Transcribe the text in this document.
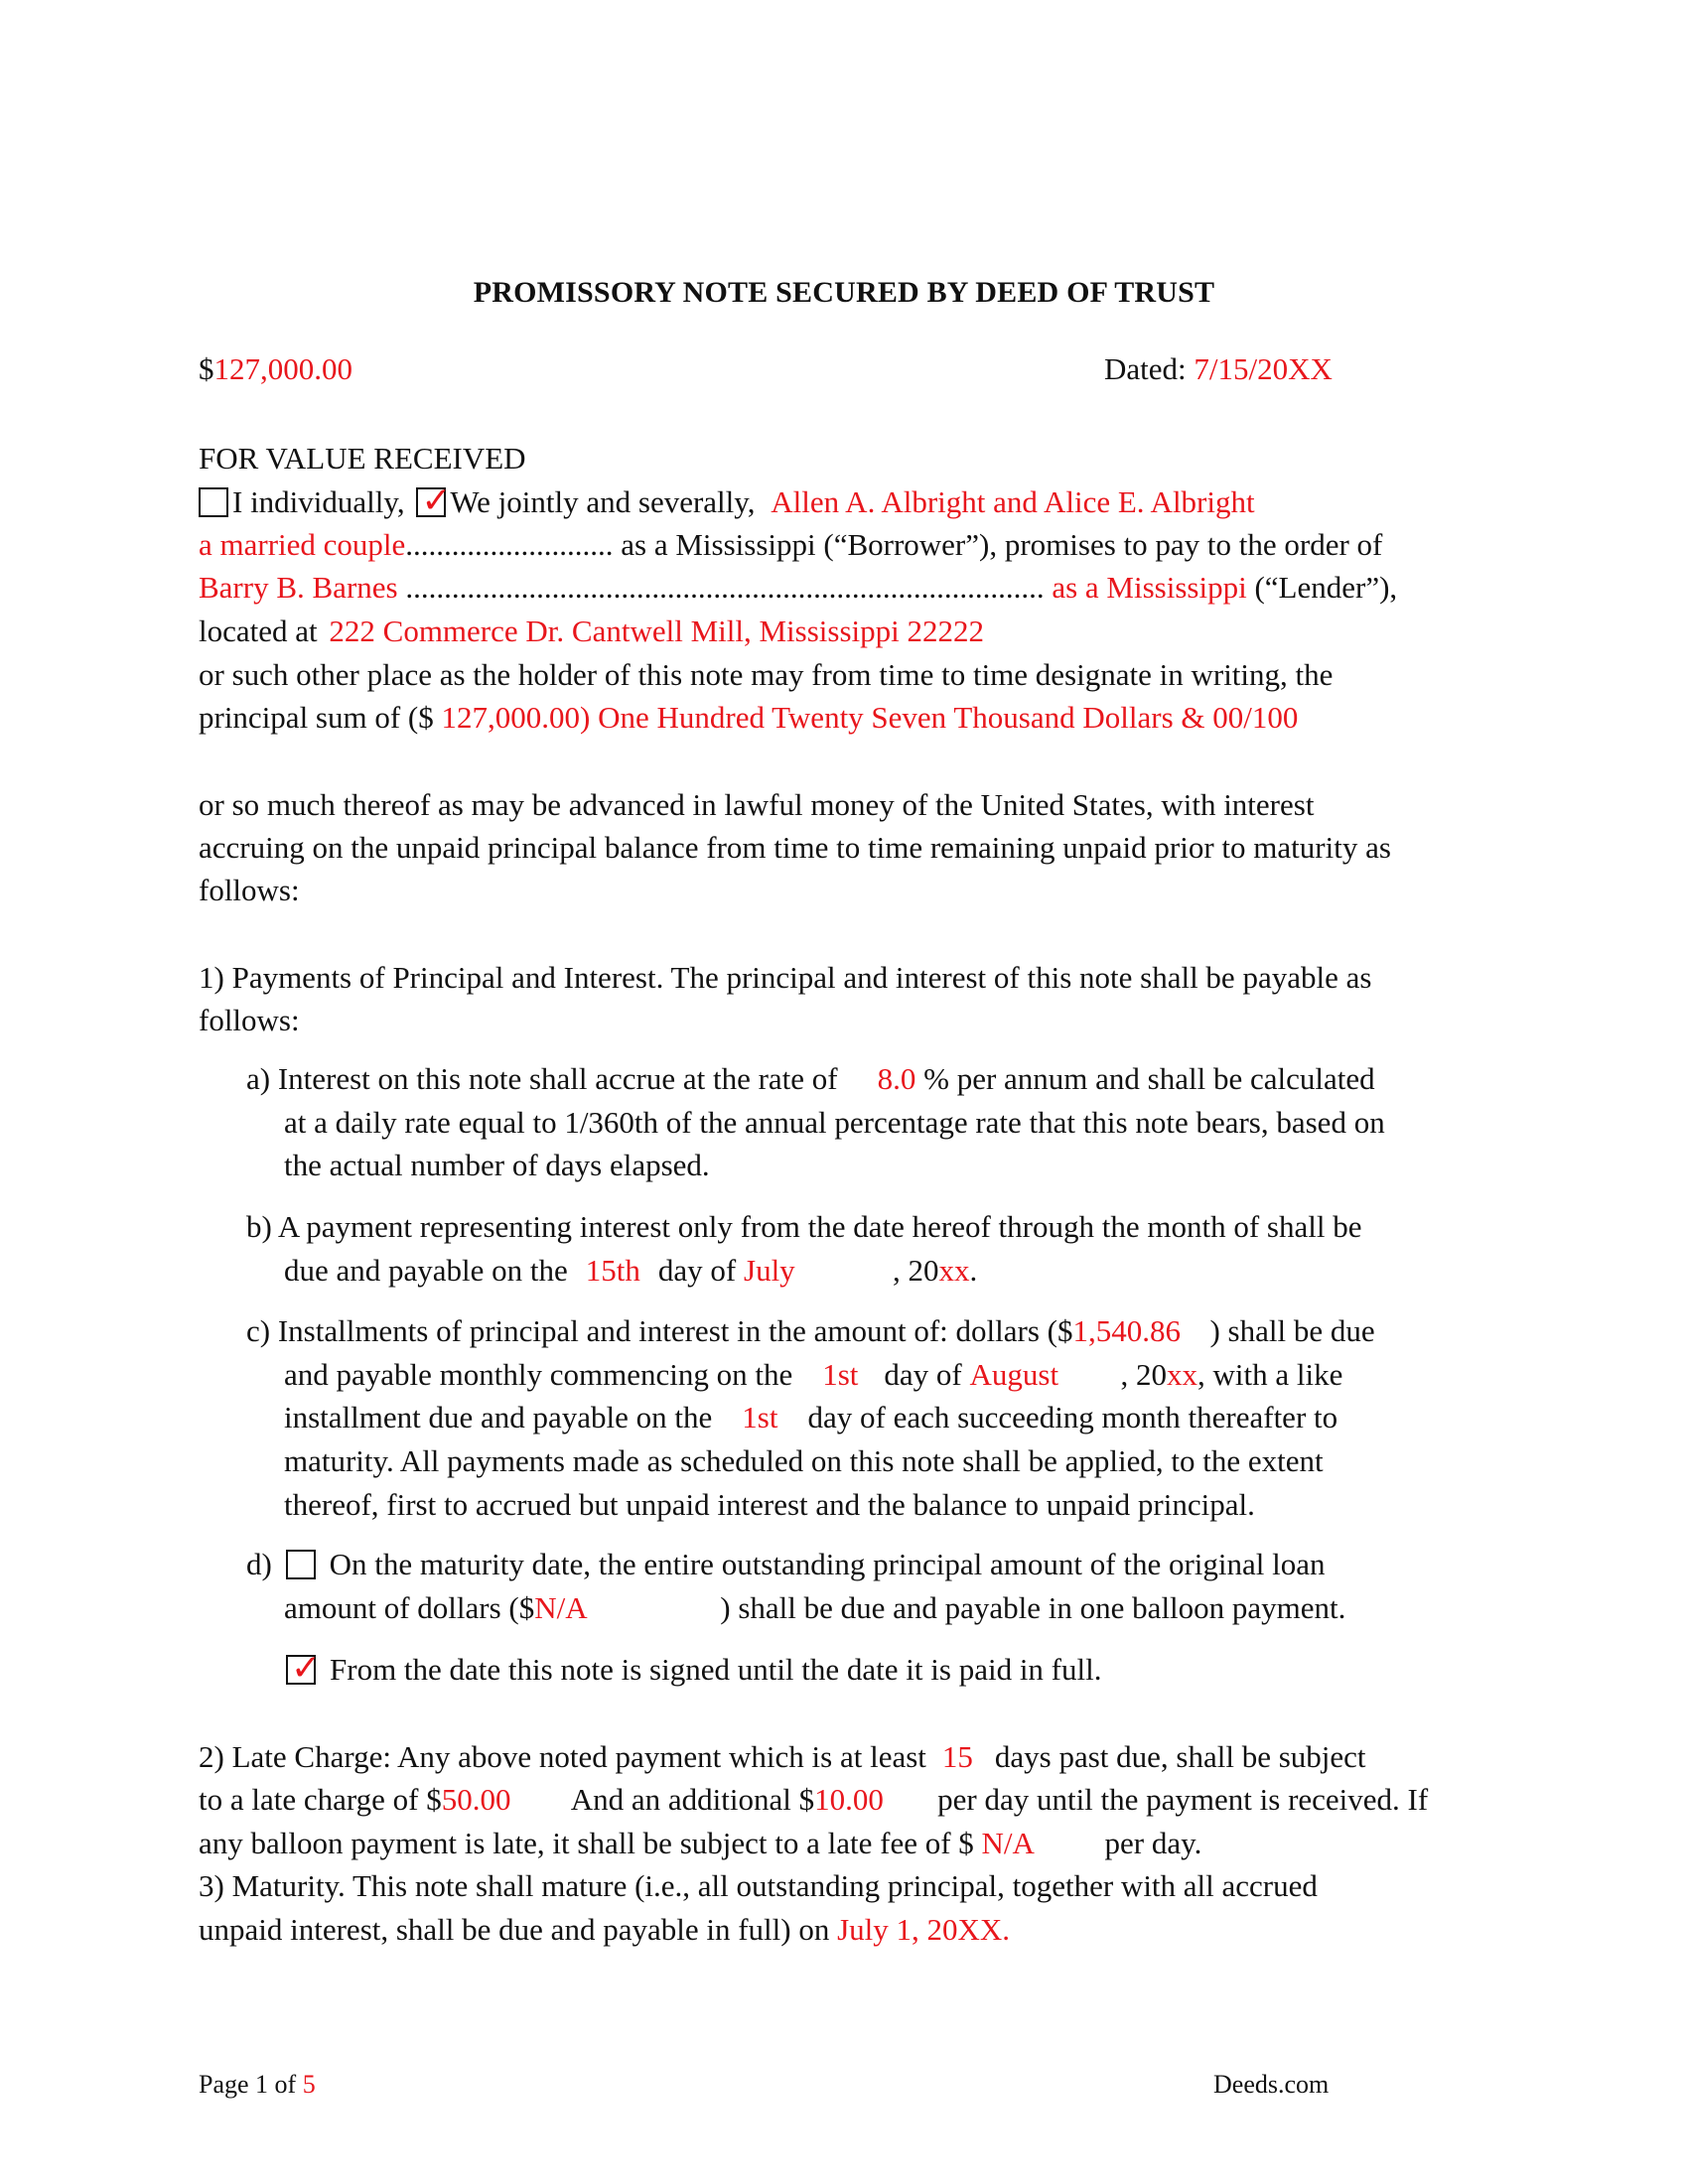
PROMISSORY NOTE SECURED BY DEED OF TRUST
$127,000.00	Dated: 7/15/20XX
FOR VALUE RECEIVED
I individually, ✓
We jointly and severally, Allen A. Albright and Alice E. Albright
a married couple........................... as a Mississippi (“Borrower”), promises to pay to the order of
Barry B. Barnes ................................................................................... as a Mississippi (“Lender”),
located at 222 Commerce Dr. Cantwell Mill, Mississippi 22222
or such other place as the holder of this note may from time to time designate in writing, the
principal sum of ($ 127,000.00) One Hundred Twenty Seven Thousand Dollars & 00/100
or so much thereof as may be advanced in lawful money of the United States, with interest
accruing on the unpaid principal balance from time to time remaining unpaid prior to maturity as
follows:
1) Payments of Principal and Interest. The principal and interest of this note shall be payable as
follows:
a) Interest on this note shall accrue at the rate of 8.0 % per annum and shall be calculated
at a daily rate equal to 1/360th of the annual percentage rate that this note bears, based on
the actual number of days elapsed.
b) A payment representing interest only from the date hereof through the month of shall be
due and payable on the 15th day of July	, 20xx.
c) Installments of principal and interest in the amount of: dollars ($1,540.86 ) shall be due
and payable monthly commencing on the 1st day of August , 20xx, with a like
installment due and payable on the 1st day of each succeeding month thereafter to
maturity. All payments made as scheduled on this note shall be applied, to the extent
thereof, first to accrued but unpaid interest and the balance to unpaid principal.
d) On the maturity date, the entire outstanding principal amount of the original loan
amount of dollars ($N/A	) shall be due and payable in one balloon payment.
✓ From the date this note is signed until the date it is paid in full.
2) Late Charge: Any above noted payment which is at least 15 days past due, shall be subject
to a late charge of $50.00 And an additional $10.00 per day until the payment is received. If
any balloon payment is late, it shall be subject to a late fee of $ N/A per day.
3) Maturity. This note shall mature (i.e., all outstanding principal, together with all accrued
unpaid interest, shall be due and payable in full) on July 1, 20XX.
Page 1 of 5	Deeds.com
